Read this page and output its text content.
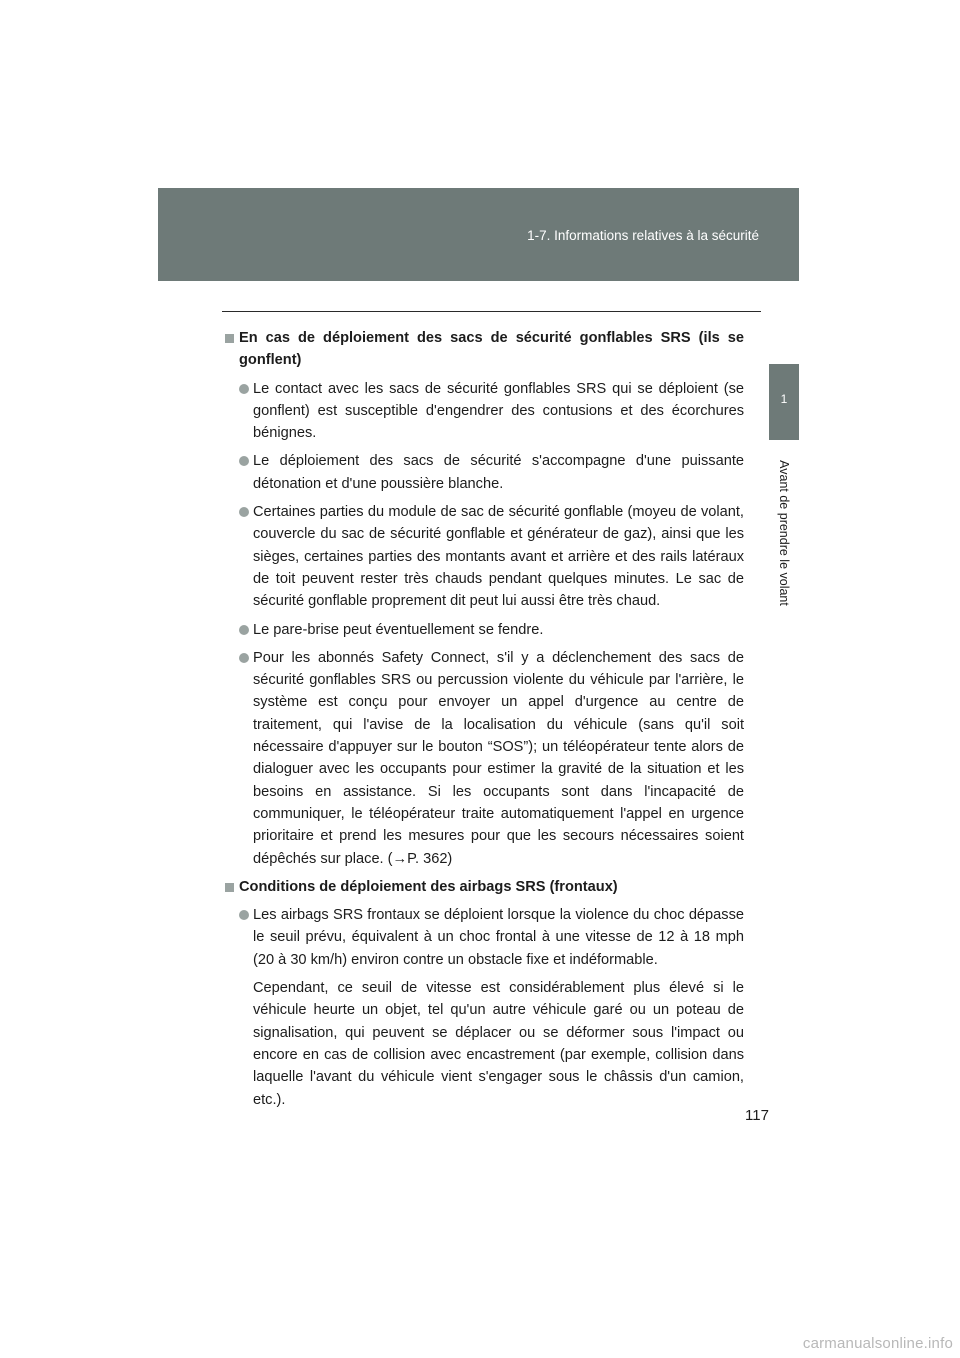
1-7. Informations relatives à la sécurité
1
Avant de prendre le volant
En cas de déploiement des sacs de sécurité gonflables SRS (ils se gonflent)
Le contact avec les sacs de sécurité gonflables SRS qui se déploient (se gonflent) est susceptible d'engendrer des contusions et des écorchures bénignes.
Le déploiement des sacs de sécurité s'accompagne d'une puissante détonation et d'une poussière blanche.
Certaines parties du module de sac de sécurité gonflable (moyeu de volant, couvercle du sac de sécurité gonflable et générateur de gaz), ainsi que les sièges, certaines parties des montants avant et arrière et des rails latéraux de toit peuvent rester très chauds pendant quelques minutes. Le sac de sécurité gonflable proprement dit peut lui aussi être très chaud.
Le pare-brise peut éventuellement se fendre.
Pour les abonnés Safety Connect, s'il y a déclenchement des sacs de sécurité gonflables SRS ou percussion violente du véhicule par l'arrière, le système est conçu pour envoyer un appel d'urgence au centre de traitement, qui l'avise de la localisation du véhicule (sans qu'il soit nécessaire d'appuyer sur le bouton “SOS”); un téléopérateur tente alors de dialoguer avec les occupants pour estimer la gravité de la situation et les besoins en assistance. Si les occupants sont dans l'incapacité de communiquer, le téléopérateur traite automatiquement l'appel en urgence prioritaire et prend les mesures pour que les secours nécessaires soient dépêchés sur place. (→P. 362)
Conditions de déploiement des airbags SRS (frontaux)
Les airbags SRS frontaux se déploient lorsque la violence du choc dépasse le seuil prévu, équivalent à un choc frontal à une vitesse de 12 à 18 mph (20 à 30 km/h) environ contre un obstacle fixe et indéformable.
Cependant, ce seuil de vitesse est considérablement plus élevé si le véhicule heurte un objet, tel qu'un autre véhicule garé ou un poteau de signalisation, qui peuvent se déplacer ou se déformer sous l'impact ou encore en cas de collision avec encastrement (par exemple, collision dans laquelle l'avant du véhicule vient s'engager sous le châssis d'un camion, etc.).
117
carmanualsonline.info
